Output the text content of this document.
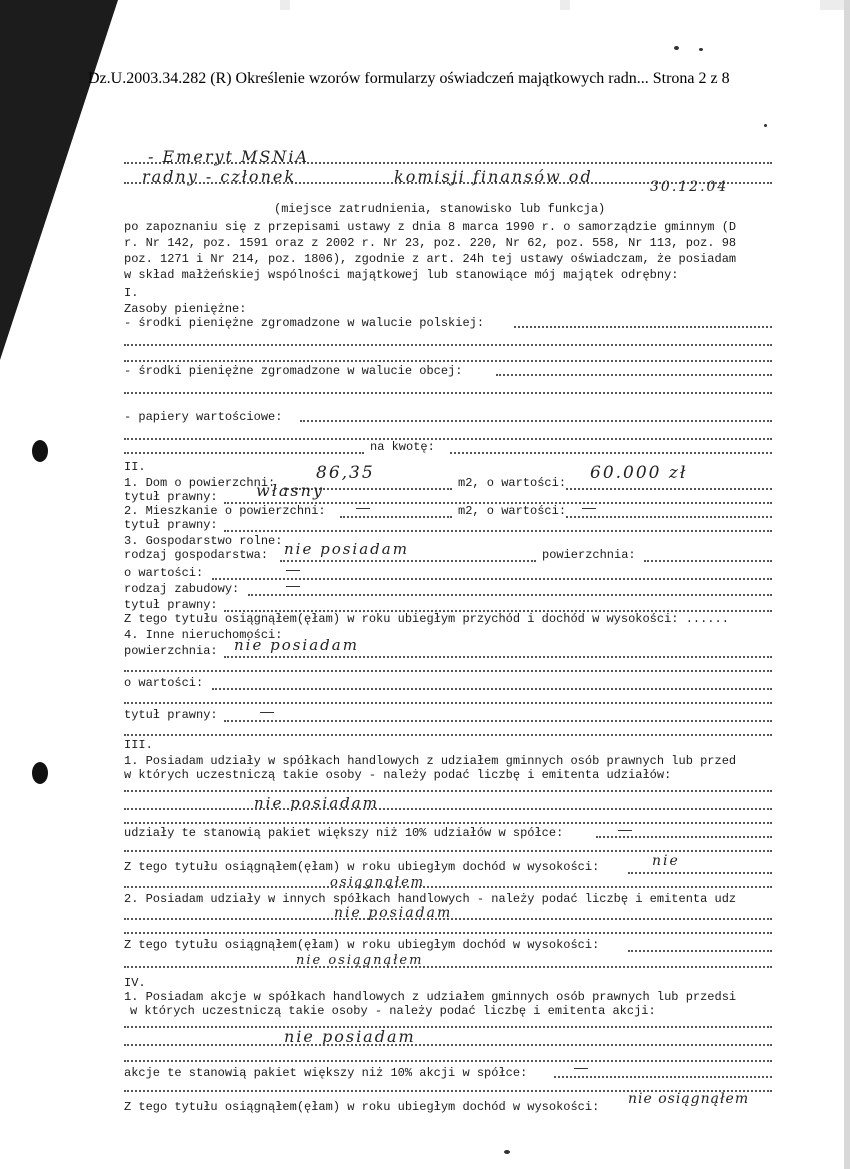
Dz.U.2003.34.282 (R) Określenie wzorów formularzy oświadczeń majątkowych radn... Strona 2 z 8
- Emeryt MSNiA
radny - członek	komisji finansów od
30.12.04
(miejsce zatrudnienia, stanowisko lub funkcja)
po zapoznaniu się z przepisami ustawy z dnia 8 marca 1990 r. o samorządzie gminnym (D
r. Nr 142, poz. 1591 oraz z 2002 r. Nr 23, poz. 220, Nr 62, poz. 558, Nr 113, poz. 98
poz. 1271 i Nr 214, poz. 1806), zgodnie z art. 24h tej ustawy oświadczam, że posiadam
w skład małżeńskiej wspólności majątkowej lub stanowiące mój majątek odrębny:
I.
Zasoby pieniężne:
- środki pieniężne zgromadzone w walucie polskiej:
- środki pieniężne zgromadzone w walucie obcej:
- papiery wartościowe:
na kwotę:
II.
1. Dom o powierzchni: 86,35	m2, o wartości: 60.000 zł
tytuł prawny: własny
2. Mieszkanie o powierzchni:	m2, o wartości:
tytuł prawny:
3. Gospodarstwo rolne:
rodzaj gospodarstwa: nie posiadam	powierzchnia:
o wartości:
rodzaj zabudowy:
tytuł prawny:
Z tego tytułu osiągnąłem(ęłam) w roku ubiegłym przychód i dochód w wysokości: ......
4. Inne nieruchomości:
powierzchnia: nie posiadam
o wartości:
tytuł prawny:
III.
1. Posiadam udziały w spółkach handlowych z udziałem gminnych osób prawnych lub przed
w których uczestniczą takie osoby - należy podać liczbę i emitenta udziałów:
nie posiadam
udziały te stanowią pakiet większy niż 10% udziałów w spółce:
Z tego tytułu osiągnąłem(ęłam) w roku ubiegłym dochód w wysokości:	nie
osiągnąłem
2. Posiadam udziały w innych spółkach handlowych - należy podać liczbę i emitenta udz
nie posiadam
Z tego tytułu osiągnąłem(ęłam) w roku ubiegłym dochód w wysokości:
nie osiągnąłem
IV.
1. Posiadam akcje w spółkach handlowych z udziałem gminnych osób prawnych lub przedsi
w których uczestniczą takie osoby - należy podać liczbę i emitenta akcji:
nie posiadam
akcje te stanowią pakiet większy niż 10% akcji w spółce:
Z tego tytułu osiągnąłem(ęłam) w roku ubiegłym dochód w wysokości: nie osiągnąłem
